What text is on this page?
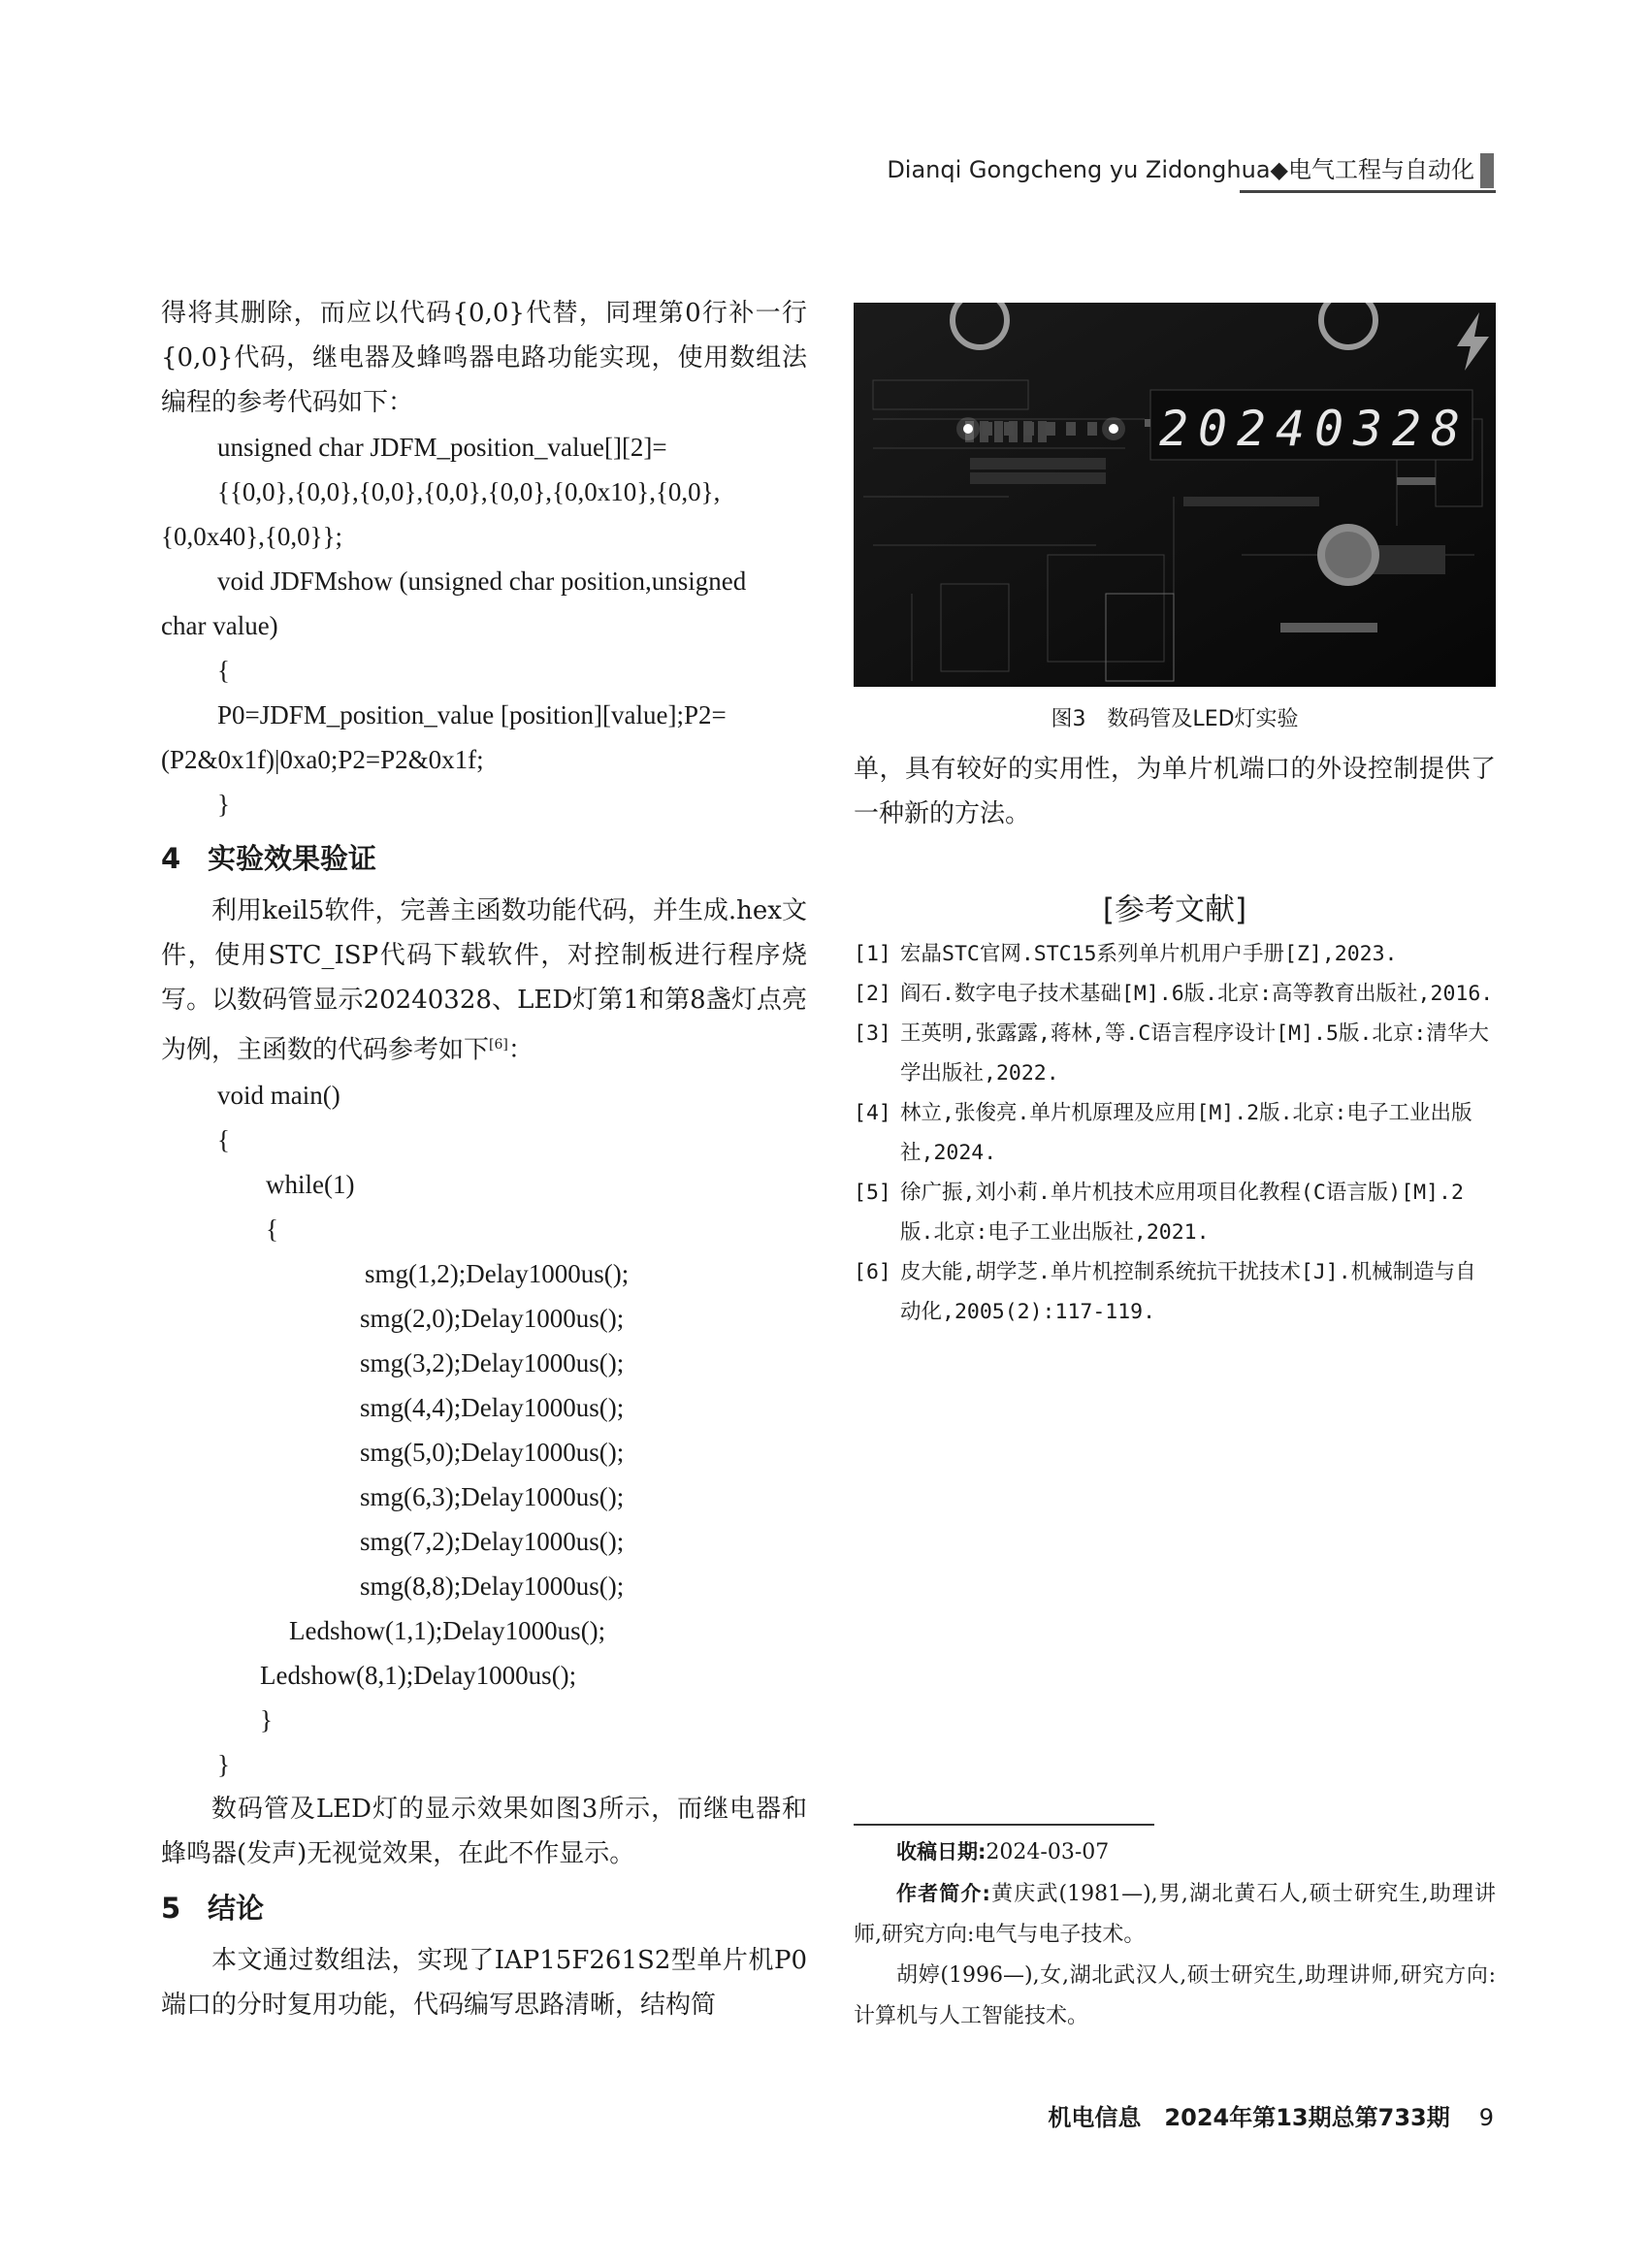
Dianqi Gongcheng yu Zidonghua◆电气工程与自动化

得将其删除，而应以代码{0,0}代替，同理第0行补一行{0,0}代码，继电器及蜂鸣器电路功能实现，使用数组法编程的参考代码如下：

unsigned char JDFM_position_value[][2]=

{{0,0},{0,0},{0,0},{0,0},{0,0},{0,0x10},{0,0},

{0,0x40},{0,0}};

void JDFMshow (unsigned char position,unsigned

char value)

{

P0=JDFM_position_value [position][value];P2=

(P2&0x1f)|0xa0;P2=P2&0x1f;

}

4 实验效果验证

利用keil5软件，完善主函数功能代码，并生成.hex文件，使用STC_ISP代码下载软件，对控制板进行程序烧写。以数码管显示20240328、LED灯第1和第8盏灯点亮为例，主函数的代码参考如下[6]：

void main()

{

while(1)

{

smg(1,2);Delay1000us();

smg(2,0);Delay1000us();

smg(3,2);Delay1000us();

smg(4,4);Delay1000us();

smg(5,0);Delay1000us();

smg(6,3);Delay1000us();

smg(7,2);Delay1000us();

smg(8,8);Delay1000us();

Ledshow(1,1);Delay1000us();

Ledshow(8,1);Delay1000us();

}

}

数码管及LED灯的显示效果如图3所示，而继电器和蜂鸣器(发声)无视觉效果，在此不作显示。

5 结论

本文通过数组法，实现了IAP15F261S2型单片机P0端口的分时复用功能，代码编写思路清晰，结构简

2 0 2 4 0 3 2 8
图3　数码管及LED灯实验

单，具有较好的实用性，为单片机端口的外设控制提供了一种新的方法。

[参考文献]
[1] 宏晶STC官网.STC15系列单片机用户手册[Z],2023.
[2] 阎石.数字电子技术基础[M].6版.北京:高等教育出版社,2016.
[3] 王英明,张露露,蒋林,等.C语言程序设计[M].5版.北京:清华大学出版社,2022.
[4] 林立,张俊亮.单片机原理及应用[M].2版.北京:电子工业出版社,2024.
[5] 徐广振,刘小莉.单片机技术应用项目化教程(C语言版)[M].2版.北京:电子工业出版社,2021.
[6] 皮大能,胡学芝.单片机控制系统抗干扰技术[J].机械制造与自动化,2005(2):117-119.

收稿日期:2024-03-07

作者简介:黄庆武(1981—),男,湖北黄石人,硕士研究生,助理讲师,研究方向:电气与电子技术。

胡婷(1996—),女,湖北武汉人,硕士研究生,助理讲师,研究方向:计算机与人工智能技术。

机电信息　2024年第13期总第733期 9
